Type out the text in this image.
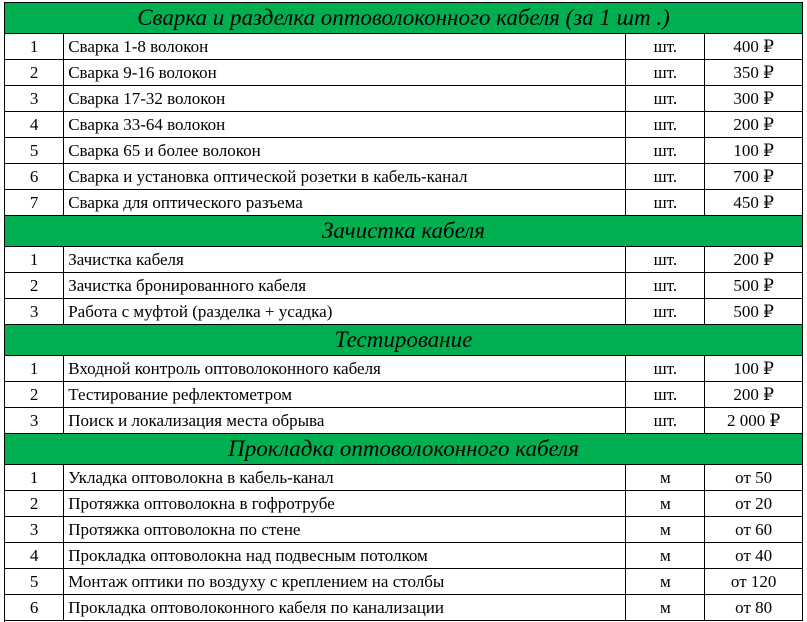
Сварка и разделка оптоволоконного кабеля (за 1 шт .)			
1	Сварка 1-8 волокон	шт.	400 ₽
2	Сварка 9-16 волокон	шт.	350 ₽
3	Сварка 17-32 волокон	шт.	300 ₽
4	Сварка 33-64 волокон	шт.	200 ₽
5	Сварка 65 и более волокон	шт.	100 ₽
6	Сварка и установка оптической розетки в кабель-канал	шт.	700 ₽
7	Сварка для оптического разъема	шт.	450 ₽
Зачистка кабеля			
1	Зачистка кабеля	шт.	200 ₽
2	Зачистка бронированного кабеля	шт.	500 ₽
3	Работа с муфтой (разделка + усадка)	шт.	500 ₽
Тестирование			
1	Входной контроль оптоволоконного кабеля	шт.	100 ₽
2	Тестирование рефлектометром	шт.	200 ₽
3	Поиск и локализация места обрыва	шт.	2 000 ₽
Прокладка оптоволоконного кабеля			
1	Укладка оптоволокна в кабель-канал	м	от 50
2	Протяжка оптоволокна в гофротрубе	м	от 20
3	Протяжка оптоволокна по стене	м	от 60
4	Прокладка оптоволокна над подвесным потолком	м	от 40
5	Монтаж оптики по воздуху с креплением на столбы	м	от 120
6	Прокладка оптоволоконного кабеля по канализации	м	от 80
